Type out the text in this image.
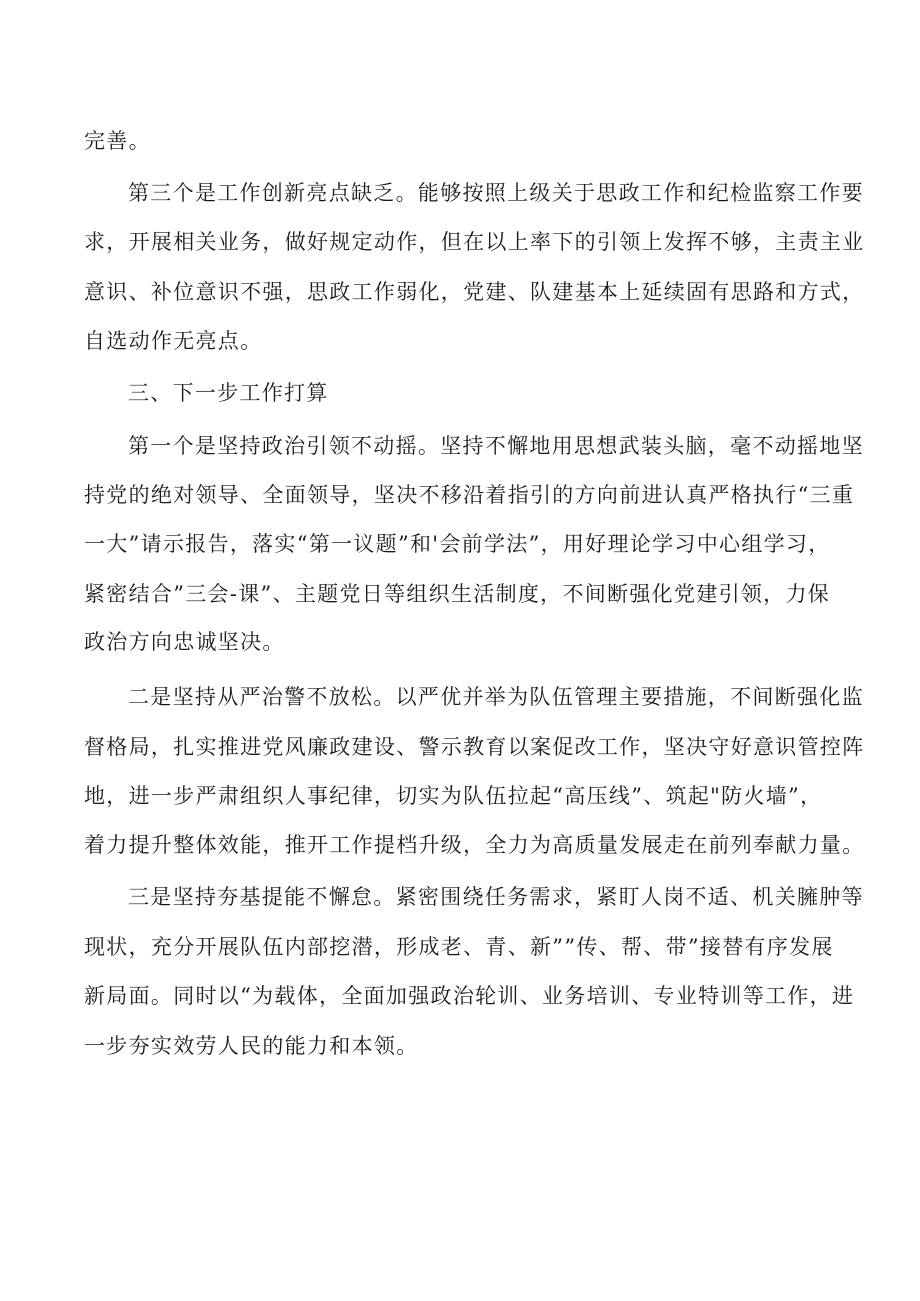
完善。
第三个是工作创新亮点缺乏。能够按照上级关于思政工作和纪检监察工作要
求，开展相关业务，做好规定动作，但在以上率下的引领上发挥不够，主责主业
意识、补位意识不强，思政工作弱化，党建、队建基本上延续固有思路和方式，
自选动作无亮点。
三、下一步工作打算
第一个是坚持政治引领不动摇。坚持不懈地用思想武装头脑，毫不动摇地坚
持党的绝对领导、全面领导，坚决不移沿着指引的方向前进认真严格执行“三重
一大”请示报告，落实“第一议题”和'会前学法”，用好理论学习中心组学习，
紧密结合”三会-课”、主题党日等组织生活制度，不间断强化党建引领，力保
政治方向忠诚坚决。
二是坚持从严治警不放松。以严优并举为队伍管理主要措施，不间断强化监
督格局，扎实推进党风廉政建设、警示教育以案促改工作，坚决守好意识管控阵
地，进一步严肃组织人事纪律，切实为队伍拉起“高压线”、筑起"防火墙”，
着力提升整体效能，推开工作提档升级，全力为高质量发展走在前列奉献力量。
三是坚持夯基提能不懈怠。紧密围绕任务需求，紧盯人岗不适、机关臃肿等
现状，充分开展队伍内部挖潜，形成老、青、新””传、帮、带”接替有序发展
新局面。同时以“为载体，全面加强政治轮训、业务培训、专业特训等工作，进
一步夯实效劳人民的能力和本领。
